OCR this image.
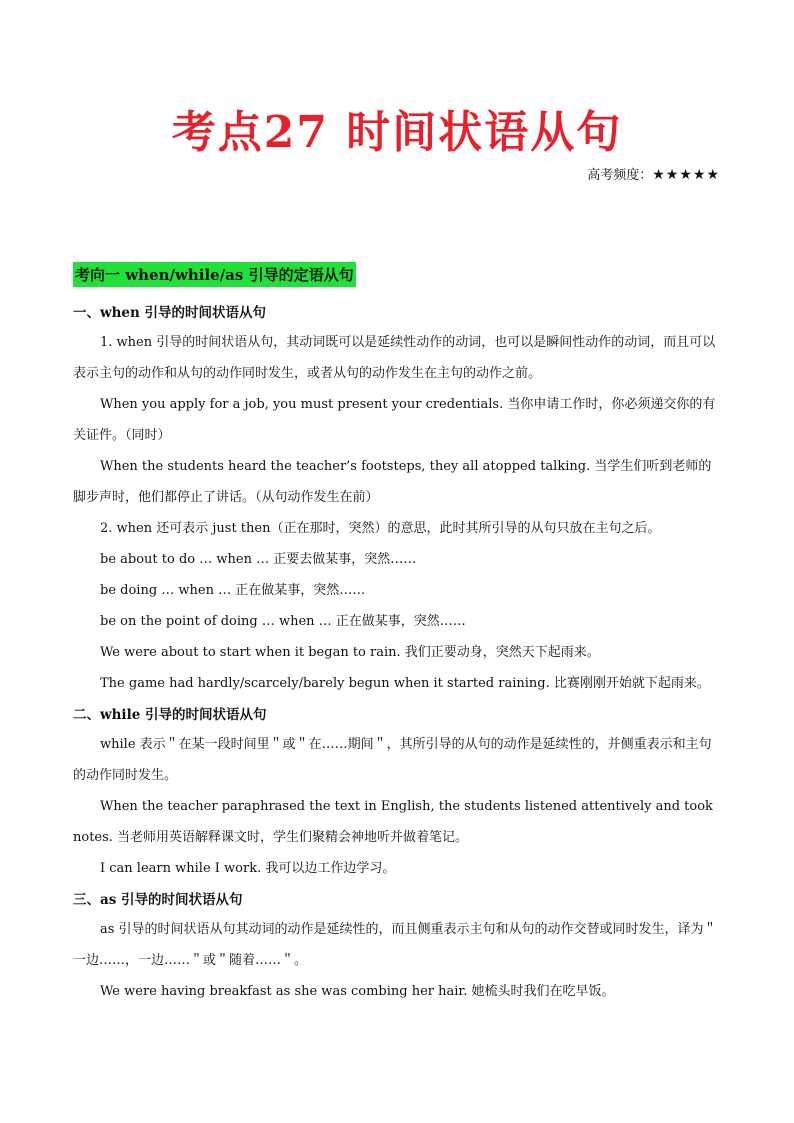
考点27 时间状语从句
高考频度：★★★★★
考向一 when/while/as 引导的定语从句
一、when 引导的时间状语从句

1. when 引导的时间状语从句，其动词既可以是延续性动作的动词，也可以是瞬间性动作的动词，而且可以表示主句的动作和从句的动作同时发生，或者从句的动作发生在主句的动作之前。

When you apply for a job, you must present your credentials. 当你申请工作时，你必须递交你的有关证件。（同时）

When the students heard the teacher’s footsteps, they all atopped talking. 当学生们听到老师的脚步声时，他们都停止了讲话。（从句动作发生在前）

2. when 还可表示 just then（正在那时，突然）的意思，此时其所引导的从句只放在主句之后。

be about to do … when … 正要去做某事，突然……

be doing … when … 正在做某事，突然……

be on the point of doing … when … 正在做某事，突然……

We were about to start when it began to rain. 我们正要动身，突然天下起雨来。

The game had hardly/scarcely/barely begun when it started raining. 比赛刚刚开始就下起雨来。

二、while 引导的时间状语从句

while 表示＂在某一段时间里＂或＂在……期间＂，其所引导的从句的动作是延续性的，并侧重表示和主句的动作同时发生。

When the teacher paraphrased the text in English, the students listened attentively and took notes. 当老师用英语解释课文时，学生们聚精会神地听并做着笔记。

I can learn while I work. 我可以边工作边学习。

三、as 引导的时间状语从句

as 引导的时间状语从句其动词的动作是延续性的，而且侧重表示主句和从句的动作交替或同时发生，译为＂一边……，一边……＂或＂随着……＂。

We were having breakfast as she was combing her hair. 她梳头时我们在吃早饭。
